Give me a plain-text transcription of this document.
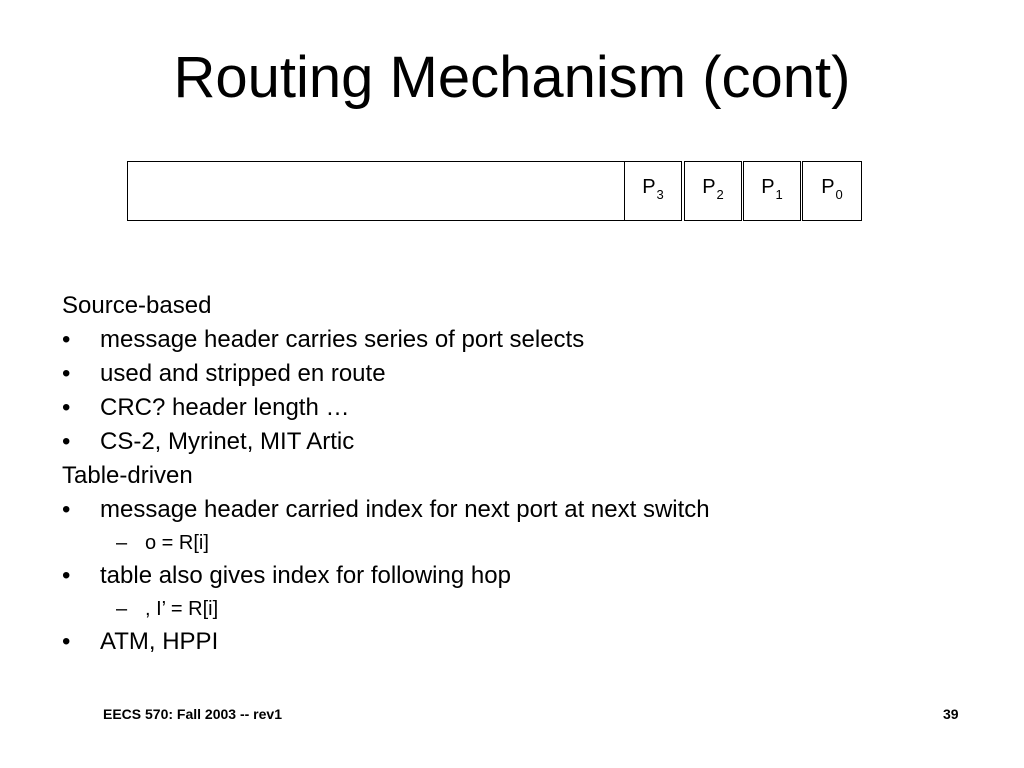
Routing Mechanism (cont)
P 3 P 2 P 1 P 0
Source-based
• message header carries series of port selects
• used and stripped en route
• CRC? header length …
• CS-2, Myrinet, MIT Artic
Table-driven
• message header carried index for next port at next switch
– o = R[i]
• table also gives index for following hop
– , I’ = R[i]
• ATM, HPPI
EECS 570: Fall 2003 -- rev1	39
